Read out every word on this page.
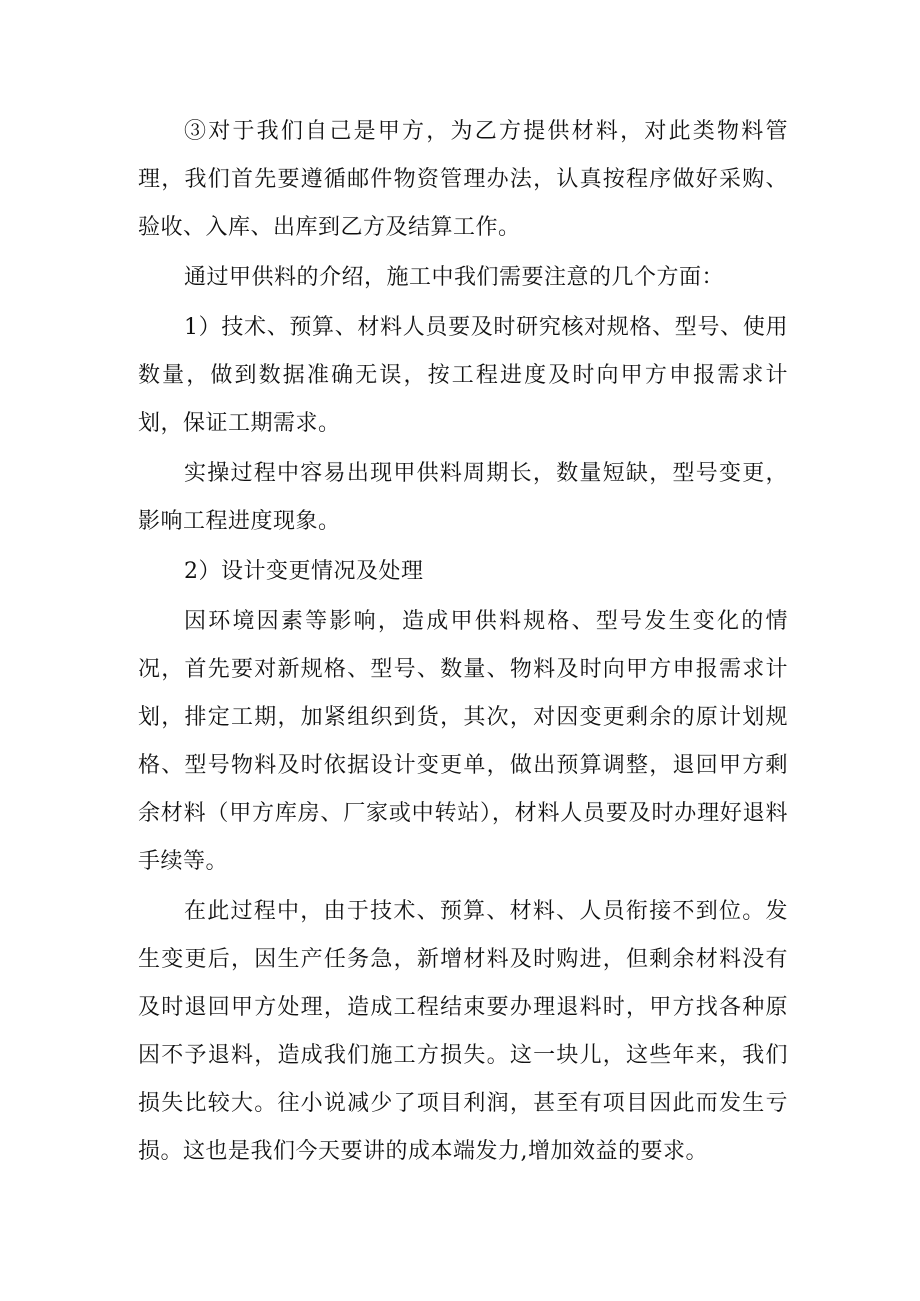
③对于我们自己是甲方，为乙方提供材料，对此类物料管理，我们首先要遵循邮件物资管理办法，认真按程序做好采购、验收、入库、出库到乙方及结算工作。

通过甲供料的介绍，施工中我们需要注意的几个方面：

1）技术、预算、材料人员要及时研究核对规格、型号、使用数量，做到数据准确无误，按工程进度及时向甲方申报需求计划，保证工期需求。

实操过程中容易出现甲供料周期长，数量短缺，型号变更，影响工程进度现象。

2）设计变更情况及处理

因环境因素等影响，造成甲供料规格、型号发生变化的情况，首先要对新规格、型号、数量、物料及时向甲方申报需求计划，排定工期，加紧组织到货，其次，对因变更剩余的原计划规格、型号物料及时依据设计变更单，做出预算调整，退回甲方剩余材料（甲方库房、厂家或中转站），材料人员要及时办理好退料手续等。

在此过程中，由于技术、预算、材料、人员衔接不到位。发生变更后，因生产任务急，新增材料及时购进，但剩余材料没有及时退回甲方处理，造成工程结束要办理退料时，甲方找各种原因不予退料，造成我们施工方损失。这一块儿，这些年来，我们损失比较大。往小说减少了项目利润，甚至有项目因此而发生亏损。这也是我们今天要讲的成本端发力,增加效益的要求。
